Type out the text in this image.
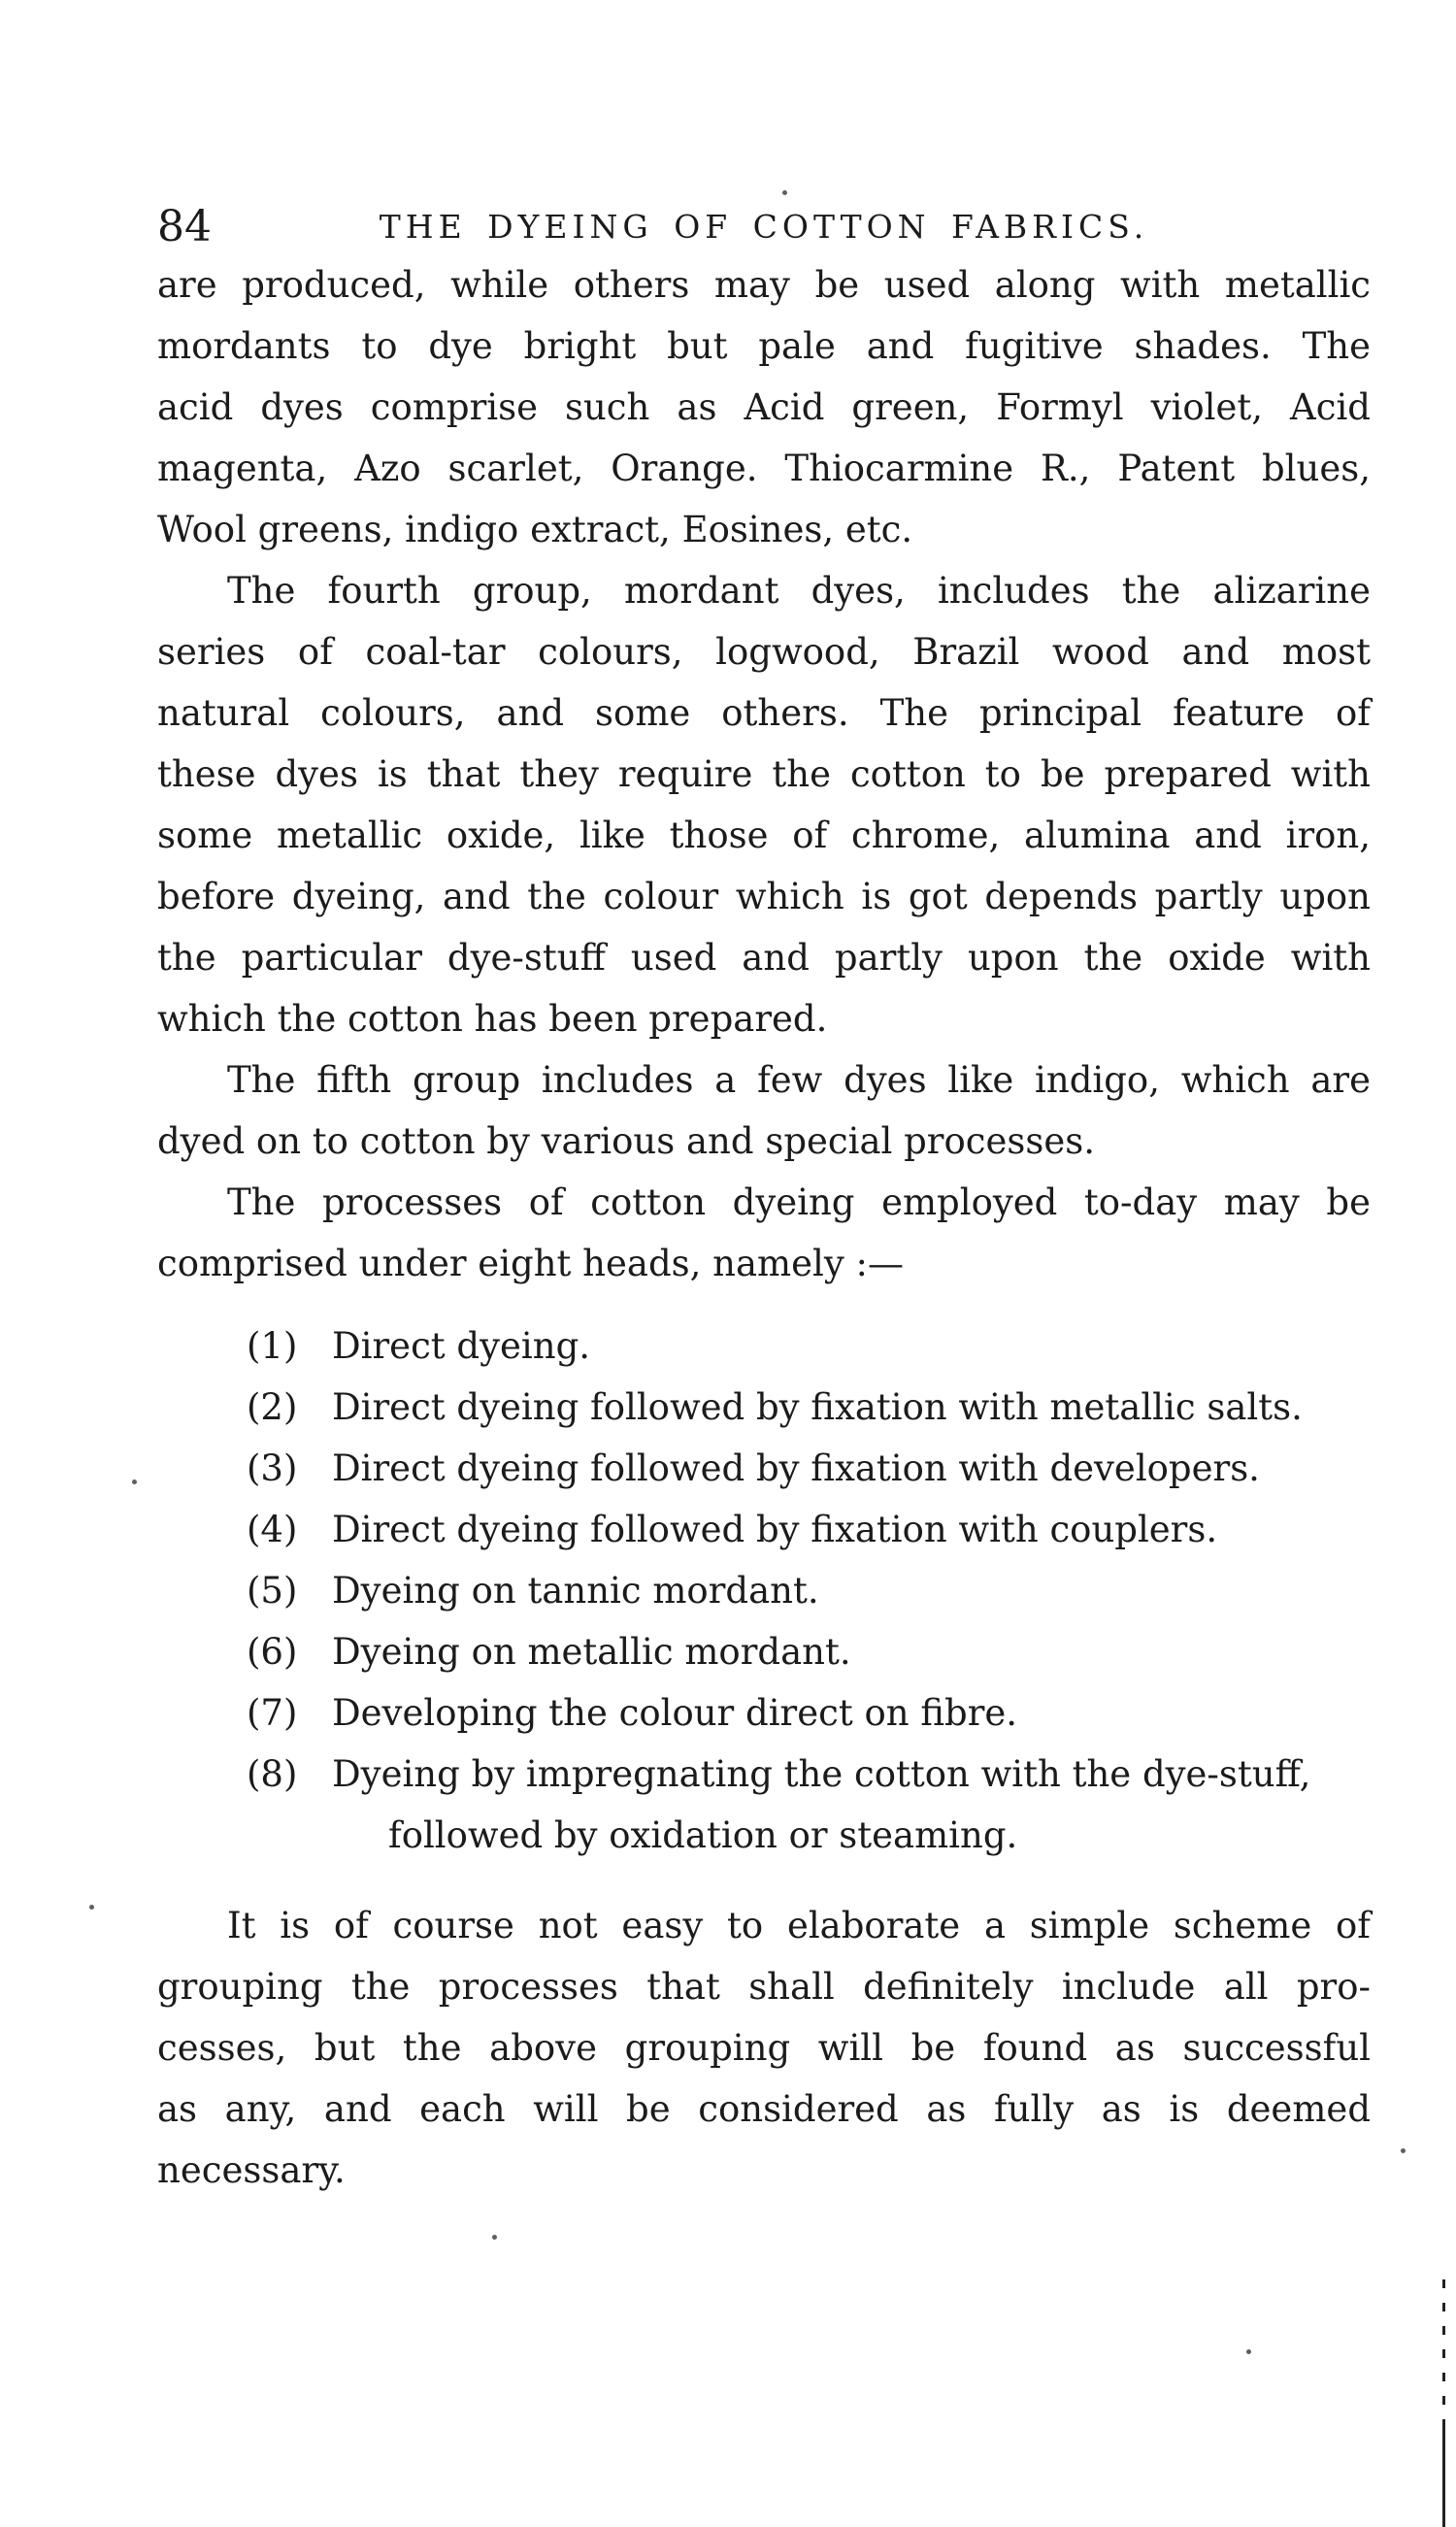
84	THE DYEING OF COTTON FABRICS.
are produced, while others may be used along with metallic
mordants to dye bright but pale and fugitive shades. The
acid dyes comprise such as Acid green, Formyl violet, Acid
magenta, Azo scarlet, Orange. Thiocarmine R., Patent blues,
Wool greens, indigo extract, Eosines, etc.
The fourth group, mordant dyes, includes the alizarine
series of coal-tar colours, logwood, Brazil wood and most
natural colours, and some others. The principal feature of
these dyes is that they require the cotton to be prepared with
some metallic oxide, like those of chrome, alumina and iron,
before dyeing, and the colour which is got depends partly upon
the particular dye-stuff used and partly upon the oxide with
which the cotton has been prepared.
The fifth group includes a few dyes like indigo, which are
dyed on to cotton by various and special processes.
The processes of cotton dyeing employed to-day may be
comprised under eight heads, namely :—
(1) Direct dyeing.
(2) Direct dyeing followed by fixation with metallic salts.
(3) Direct dyeing followed by fixation with developers.
(4) Direct dyeing followed by fixation with couplers.
(5) Dyeing on tannic mordant.
(6) Dyeing on metallic mordant.
(7) Developing the colour direct on fibre.
(8) Dyeing by impregnating the cotton with the dye-stuff,
followed by oxidation or steaming.
It is of course not easy to elaborate a simple scheme of
grouping the processes that shall definitely include all pro-
cesses, but the above grouping will be found as successful
as any, and each will be considered as fully as is deemed
necessary.
